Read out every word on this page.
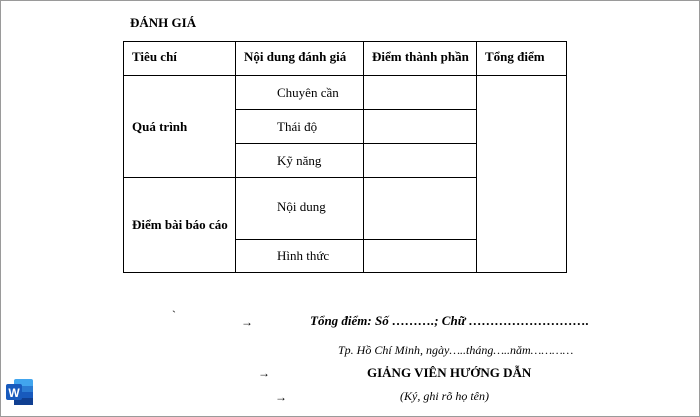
ĐÁNH GIÁ
Tiêu chí	Nội dung đánh giá	Điểm thành phần	Tổng điểm
Quá trình	Chuyên cần		
	Thái độ		
	Kỹ năng		
Điểm bài báo cáo	Nội dung		
	Hình thức		
`	→
→
→
Tổng điểm: Số ……….; Chữ ……………………….
Tp. Hồ Chí Minh, ngày…..tháng…..năm…………
GIẢNG VIÊN HƯỚNG DẪN
(Ký, ghi rõ họ tên)
W
